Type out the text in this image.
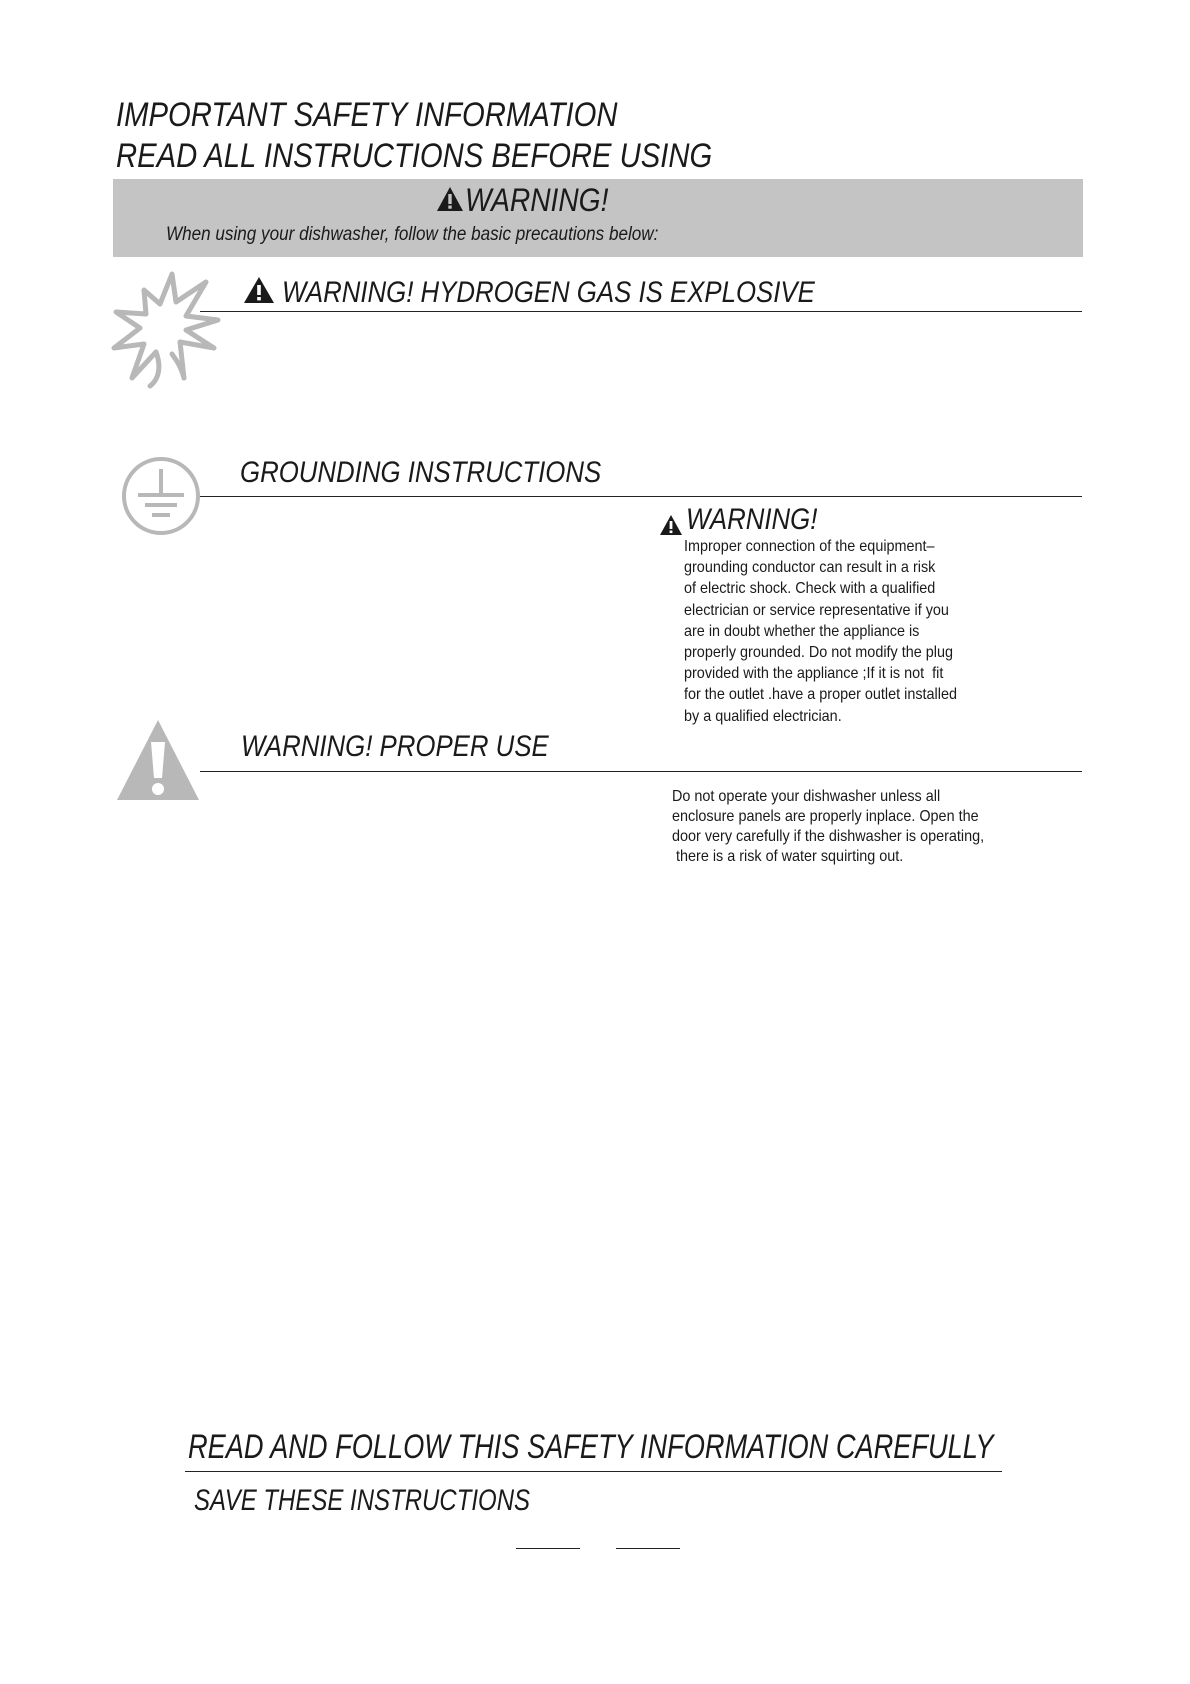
IMPORTANT SAFETY INFORMATION
READ ALL INSTRUCTIONS BEFORE USING
WARNING!
When using your dishwasher, follow the basic precautions below:
WARNING! HYDROGEN GAS IS EXPLOSIVE
GROUNDING INSTRUCTIONS
WARNING!
Improper connection of the equipment–
grounding conductor can result in a risk
of electric shock. Check with a qualified
electrician or service representative if you
are in doubt whether the appliance is
properly grounded. Do not modify the plug
provided with the appliance ;If it is not  fit
for the outlet .have a proper outlet installed
by a qualified electrician.
WARNING! PROPER USE
Do not operate your dishwasher unless all
enclosure panels are properly inplace. Open the
door very carefully if the dishwasher is operating,
there is a risk of water squirting out.
READ AND FOLLOW THIS SAFETY INFORMATION CAREFULLY
SAVE THESE INSTRUCTIONS
